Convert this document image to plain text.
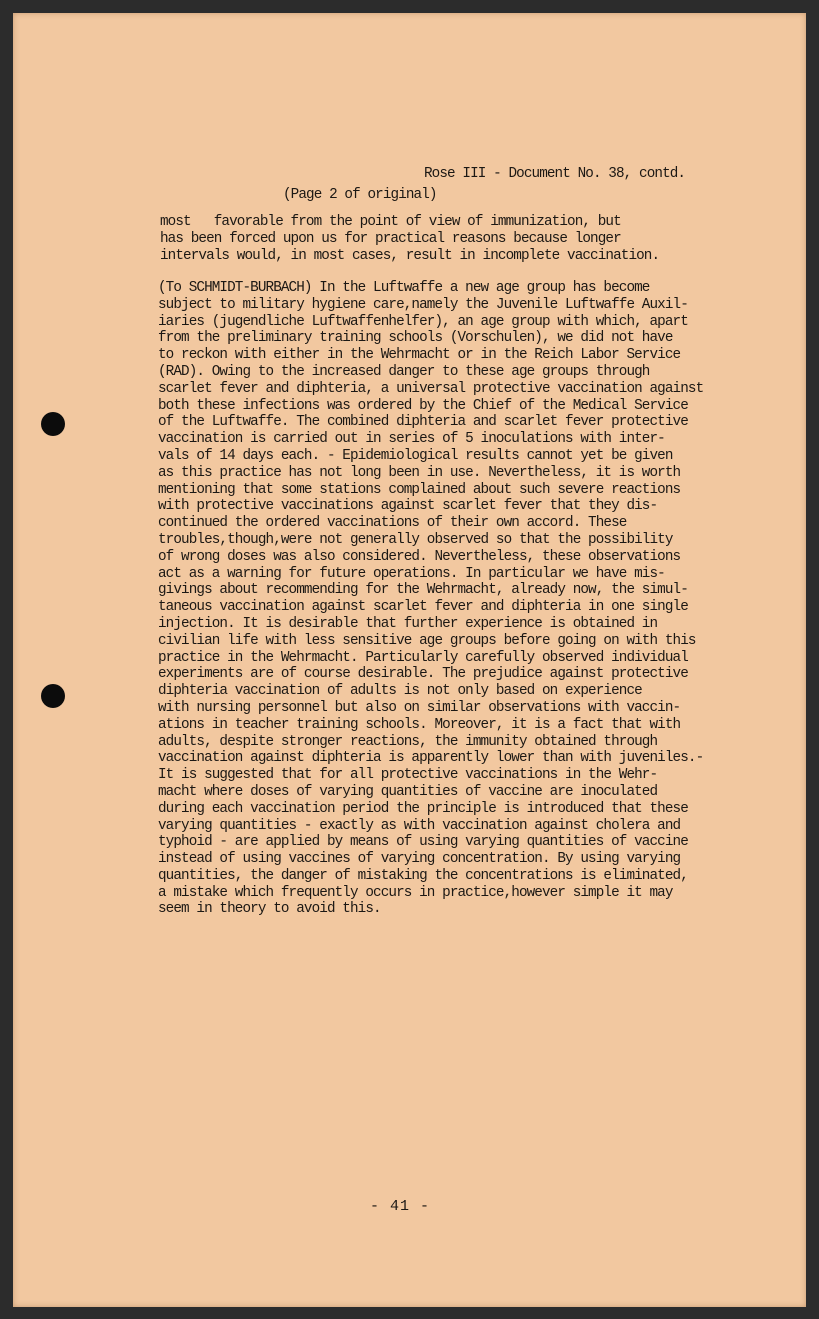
Rose III - Document No. 38, contd.

(Page 2 of original)

most   favorable from the point of view of immunization, but
has been forced upon us for practical reasons because longer
intervals would, in most cases, result in incomplete vaccination.

(To SCHMIDT-BURBACH) In the Luftwaffe a new age group has become
subject to military hygiene care,namely the Juvenile Luftwaffe Auxil-
iaries (jugendliche Luftwaffenhelfer), an age group with which, apart
from the preliminary training schools (Vorschulen), we did not have
to reckon with either in the Wehrmacht or in the Reich Labor Service
(RAD). Owing to the increased danger to these age groups through
scarlet fever and diphteria, a universal protective vaccination against
both these infections was ordered by the Chief of the Medical Service
of the Luftwaffe. The combined diphteria and scarlet fever protective
vaccination is carried out in series of 5 inoculations with inter-
vals of 14 days each. - Epidemiological results cannot yet be given
as this practice has not long been in use. Nevertheless, it is worth
mentioning that some stations complained about such severe reactions
with protective vaccinations against scarlet fever that they dis-
continued the ordered vaccinations of their own accord. These
troubles,though,were not generally observed so that the possibility
of wrong doses was also considered. Nevertheless, these observations
act as a warning for future operations. In particular we have mis-
givings about recommending for the Wehrmacht, already now, the simul-
taneous vaccination against scarlet fever and diphteria in one single
injection. It is desirable that further experience is obtained in
civilian life with less sensitive age groups before going on with this
practice in the Wehrmacht. Particularly carefully observed individual
experiments are of course desirable. The prejudice against protective
diphteria vaccination of adults is not only based on experience
with nursing personnel but also on similar observations with vaccin-
ations in teacher training schools. Moreover, it is a fact that with
adults, despite stronger reactions, the immunity obtained through
vaccination against diphteria is apparently lower than with juveniles.-
It is suggested that for all protective vaccinations in the Wehr-
macht where doses of varying quantities of vaccine are inoculated
during each vaccination period the principle is introduced that these
varying quantities - exactly as with vaccination against cholera and
typhoid - are applied by means of using varying quantities of vaccine
instead of using vaccines of varying concentration. By using varying
quantities, the danger of mistaking the concentrations is eliminated,
a mistake which frequently occurs in practice,however simple it may
seem in theory to avoid this.

- 41 -
